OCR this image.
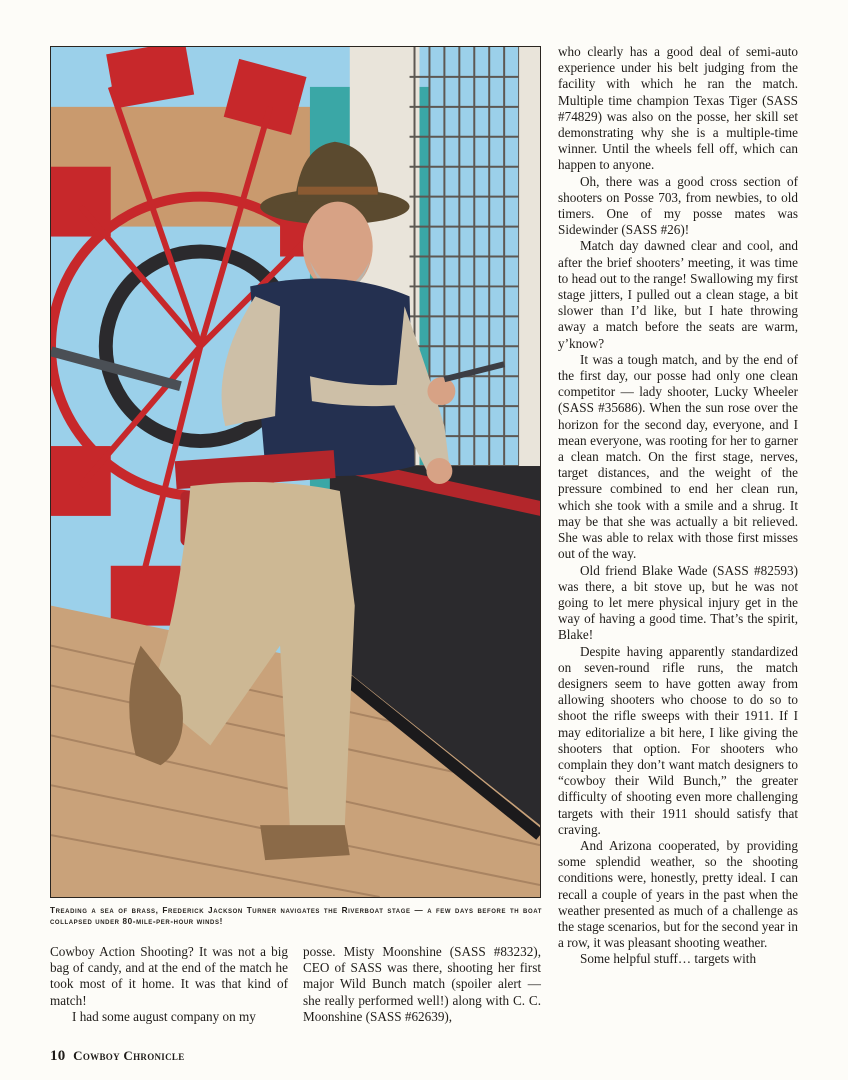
Treading a sea of brass, Frederick Jackson Turner navigates the Riverboat stage — a few days before th boat collapsed under 80-mile-per-hour winds!

who clearly has a good deal of semi-auto experience under his belt judging from the facility with which he ran the match. Multiple time champion Texas Tiger (SASS #74829) was also on the posse, her skill set demonstrating why she is a multiple-time winner. Until the wheels fell off, which can happen to anyone.

Oh, there was a good cross section of shooters on Posse 703, from newbies, to old timers. One of my posse mates was Sidewinder (SASS #26)!

Match day dawned clear and cool, and after the brief shooters’ meeting, it was time to head out to the range! Swallowing my first stage jitters, I pulled out a clean stage, a bit slower than I’d like, but I hate throwing away a match before the seats are warm, y’know?

It was a tough match, and by the end of the first day, our posse had only one clean competitor — lady shooter, Lucky Wheeler (SASS #35686). When the sun rose over the horizon for the second day, everyone, and I mean everyone, was rooting for her to garner a clean match. On the first stage, nerves, target distances, and the weight of the pressure combined to end her clean run, which she took with a smile and a shrug. It may be that she was actually a bit relieved. She was able to relax with those first misses out of the way.

Old friend Blake Wade (SASS #82593) was there, a bit stove up, but he was not going to let mere physical injury get in the way of having a good time. That’s the spirit, Blake!

Despite having apparently standardized on seven-round rifle runs, the match designers seem to have gotten away from allowing shooters who choose to do so to shoot the rifle sweeps with their 1911. If I may editorialize a bit here, I like giving the shooters that option. For shooters who complain they don’t want match designers to “cowboy their Wild Bunch,” the greater difficulty of shooting even more challenging targets with their 1911 should satisfy that craving.

And Arizona cooperated, by providing some splendid weather, so the shooting conditions were, honestly, pretty ideal. I can recall a couple of years in the past when the weather presented as much of a challenge as the stage scenarios, but for the second year in a row, it was pleasant shooting weather.

Some helpful stuff… targets with

Cowboy Action Shooting? It was not a big bag of candy, and at the end of the match he took most of it home. It was that kind of match!

I had some august company on my

posse. Misty Moonshine (SASS #83232), CEO of SASS was there, shooting her first major Wild Bunch match (spoiler alert — she really performed well!) along with C. C. Moonshine (SASS #62639),

10 Cowboy Chronicle
